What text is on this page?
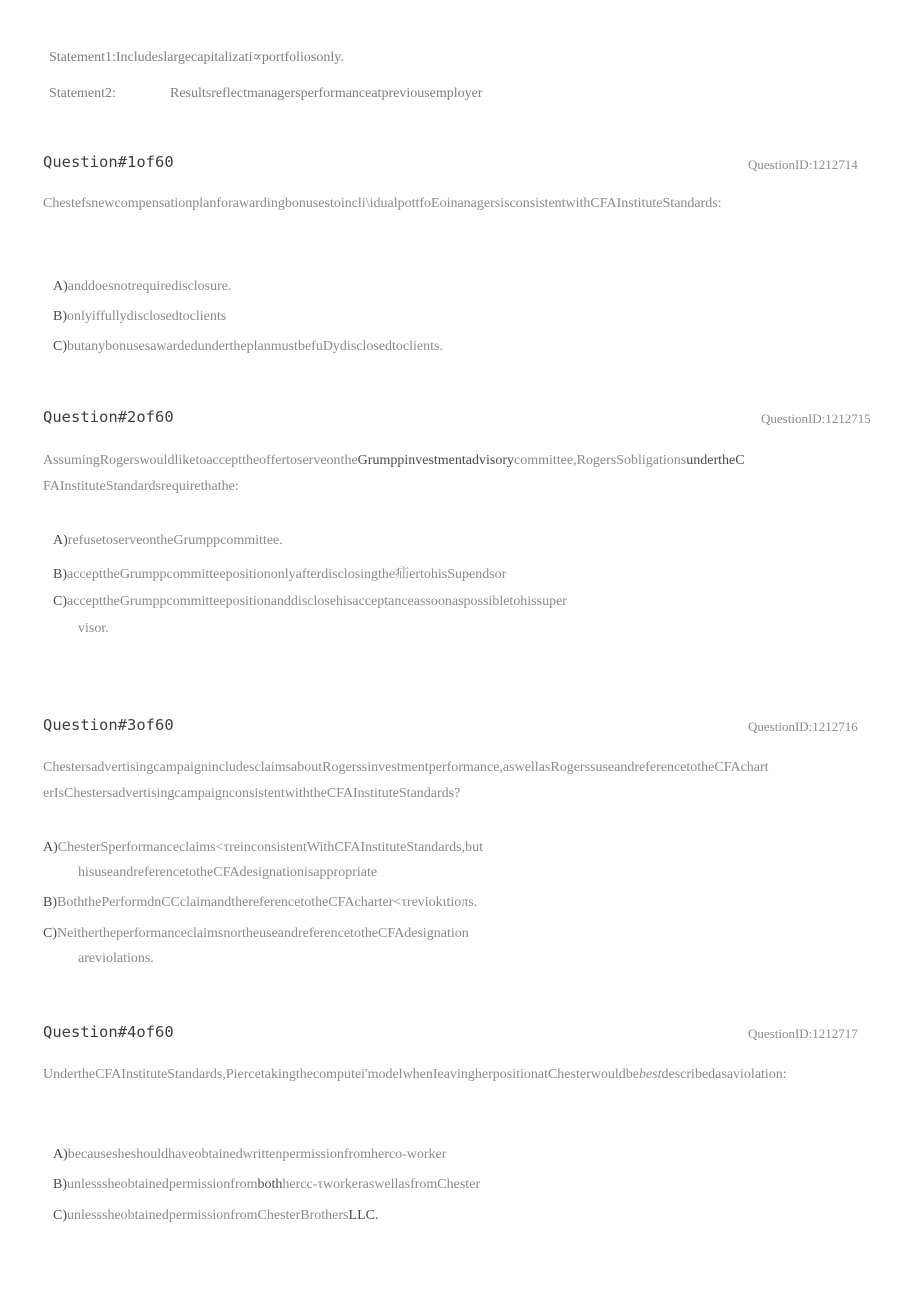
Statement1:Includeslargecapitalizati∝portfoliosonly.
Statement2:	Resultsreflectmanagersperformanceatpreviousemployer
Question#1of60	QuestionID:1212714
Chestefsnewcompensationplanforawardingbonusestoincli\idualpottfoEoinanagersisconsistentwithCFAInstituteStandards:
A)anddoesnotrequiredisclosure.
B)onlyiffullydisclosedtoclients
C)butanybonusesawardedundertheplanmustbefuDydisclosedtoclients.
Question#2of60	QuestionID:1212715
AssumingRogerswouldliketoaccepttheoffertoserveontheGrumppinvestmentadvisorycommittee,RogersSobligationsundertheC
FAInstituteStandardsrequirethathe:
A)refusetoserveontheGrumppcommittee.
B)accepttheGrumppcommitteepositiononlyafterdisclosingthe疝ertohisSupendsor
C)accepttheGrumppcommitteepositionanddisclosehisacceptanceassoonaspossibletohissuper
visor.
Question#3of60	QuestionID:1212716
ChestersadvertisingcampaignincludesclaimsaboutRogerssinvestmentperformance,aswellasRogerssuseandreferencetotheCFAchart
erIsChestersadvertisingcampaignconsistentwiththeCFAInstituteStandards?
A)ChesterSperformanceclaims<τreinconsistentWithCFAInstituteStandards,but
hisuseandreferencetotheCFAdesignationisappropriate
B)BoththePerformdnCCclaimandthereferencetotheCFAcharter<τreviokιtioπs.
C)NeithertheperformanceclaimsnortheuseandreferencetotheCFAdesignation
areviolations.
Question#4of60	QuestionID:1212717
UndertheCFAInstituteStandards,Piercetakingthecomputei'modelwhenIeavingherpositionatChesterwouldbebestdescribedasaviolation:
A)becausesheshouldhaveobtainedwrittenpermissionfromherco-worker
B)unlesssheobtainedpermissionfrombothhercc-τworkeraswellasfromChester
C)unlesssheobtainedpermissionfromChesterBrothersLLC.
